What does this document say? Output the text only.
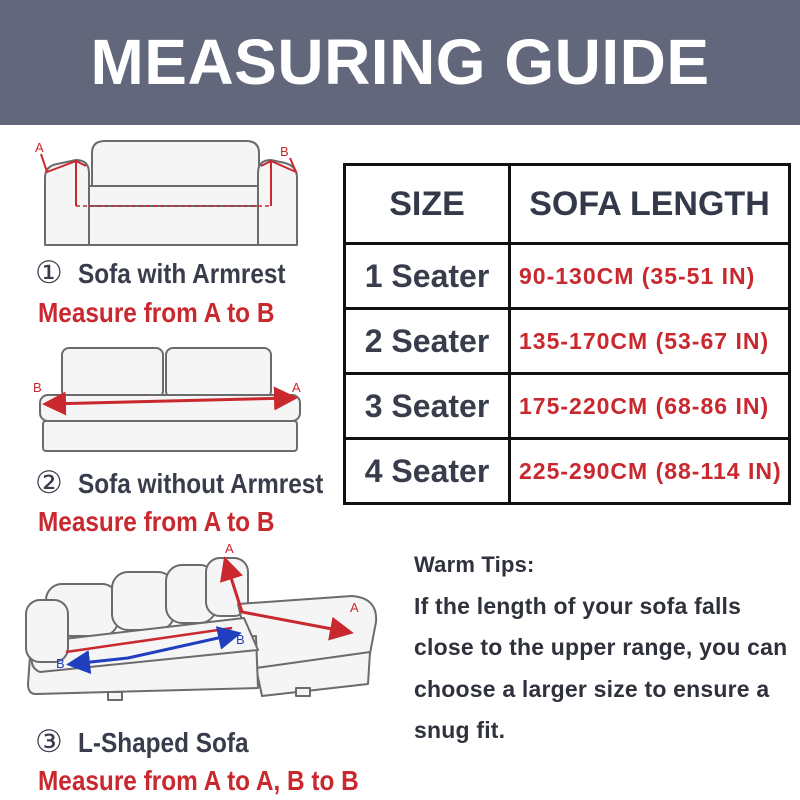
MEASURING GUIDE
A	B
① Sofa with Armrest
Measure from A to B
B	A
② Sofa without Armrest
Measure from A to B
A
A
B
B
③ L-Shaped Sofa
Measure from A to A, B to B
SIZE	SOFA LENGTH
1 Seater	90-130CM (35-51 IN)
2 Seater	135-170CM (53-67 IN)
3 Seater	175-220CM (68-86 IN)
4 Seater	225-290CM (88-114 IN)
Warm Tips:
If the length of your sofa falls
close to the upper range, you can
choose a larger size to ensure a
snug fit.
